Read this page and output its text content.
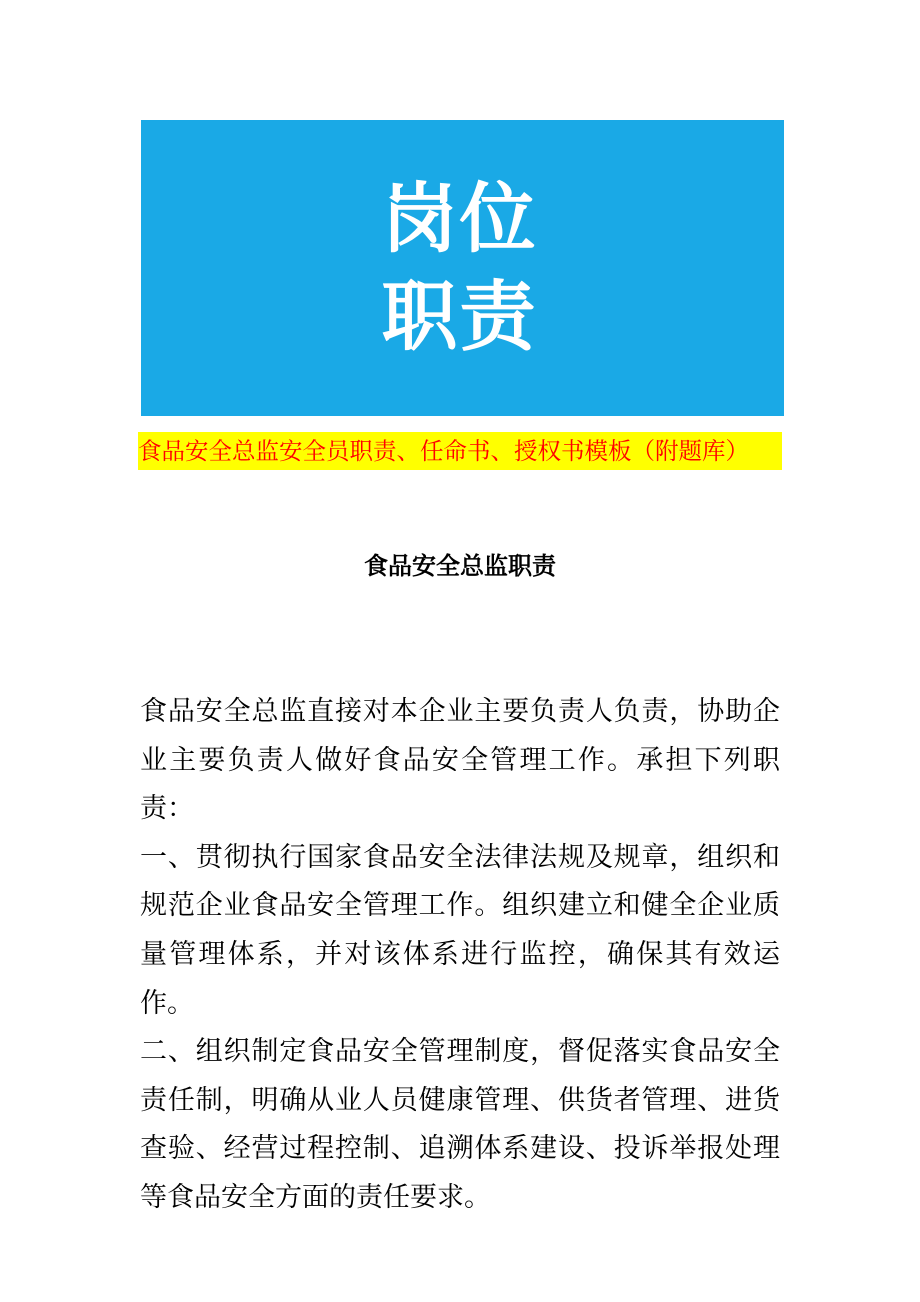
岗位
职责
食品安全总监安全员职责、任命书、授权书模板（附题库）
食品安全总监职责

食品安全总监直接对本企业主要负责人负责，协助企业主要负责人做好食品安全管理工作。承担下列职责：

一、贯彻执行国家食品安全法律法规及规章，组织和规范企业食品安全管理工作。组织建立和健全企业质量管理体系，并对该体系进行监控，确保其有效运作。

二、组织制定食品安全管理制度，督促落实食品安全责任制，明确从业人员健康管理、供货者管理、进货查验、经营过程控制、追溯体系建设、投诉举报处理等食品安全方面的责任要求。
